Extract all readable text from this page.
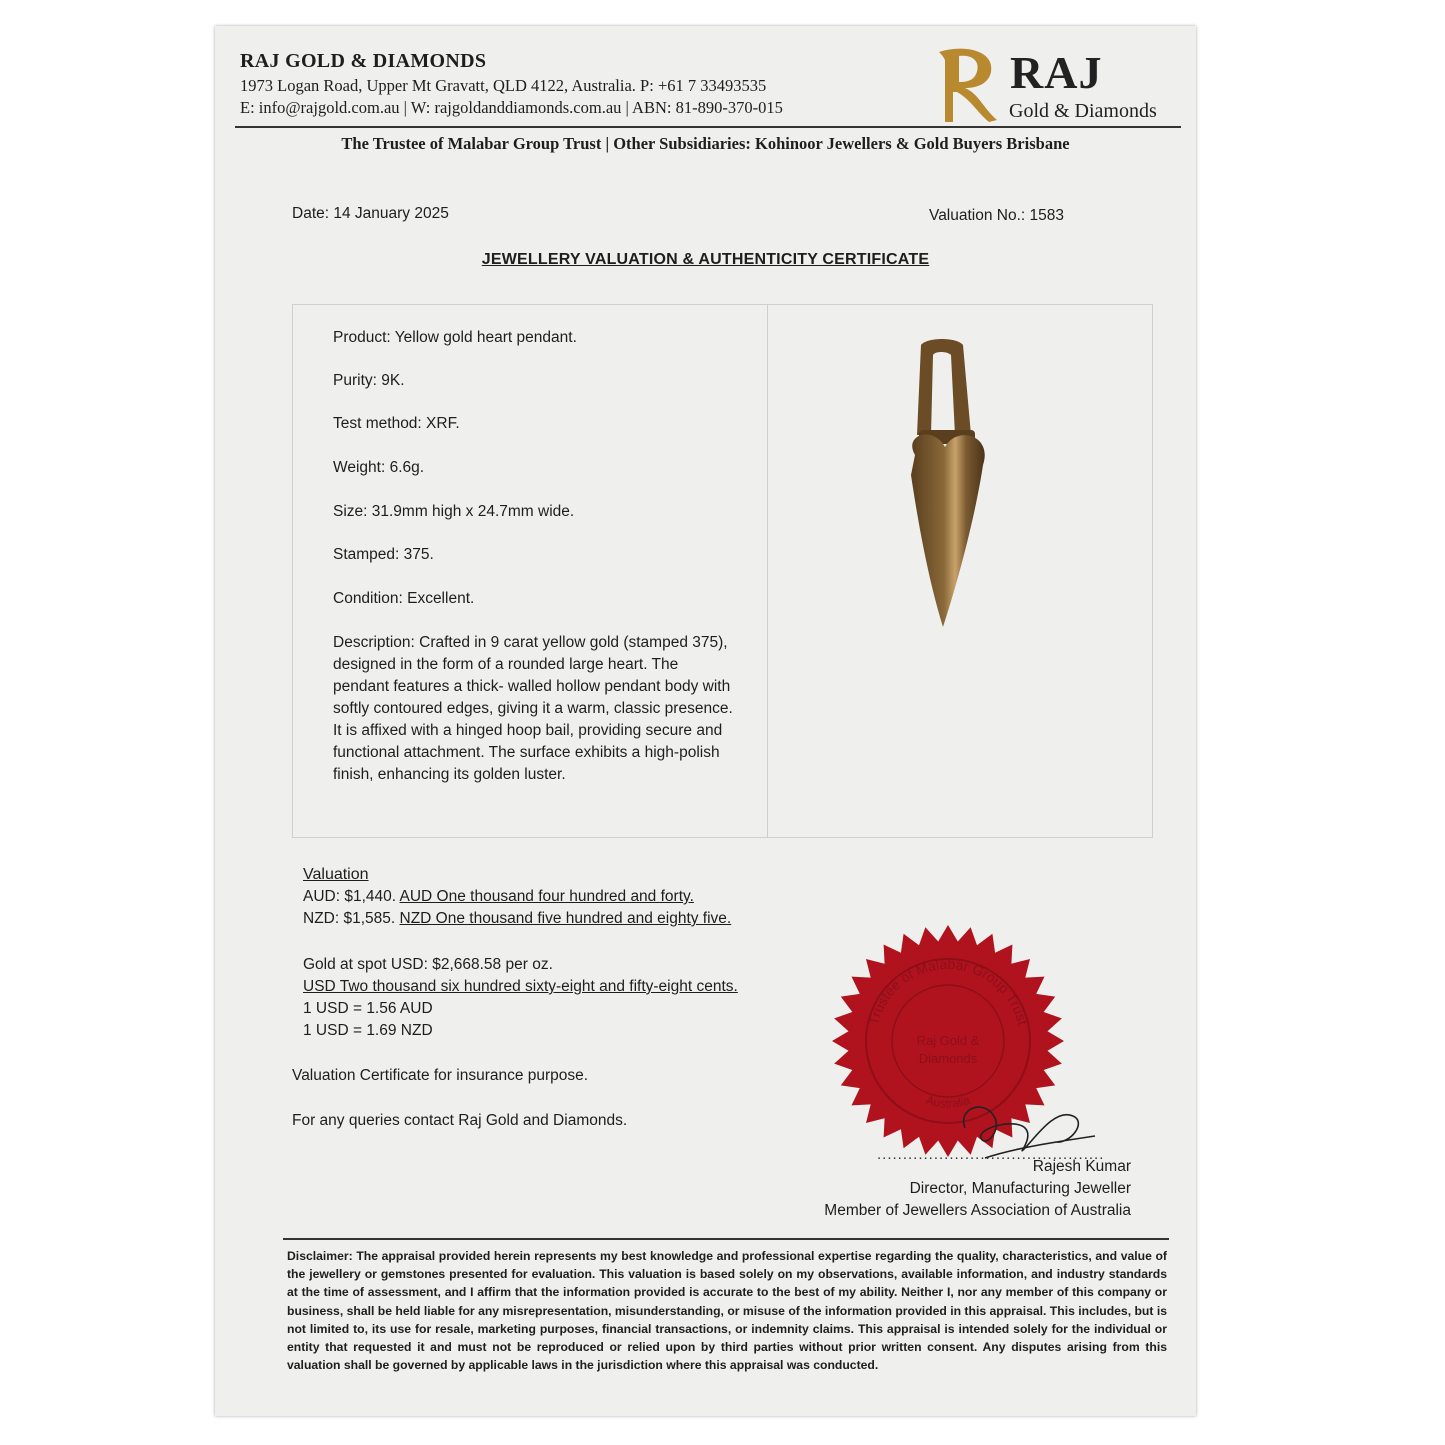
RAJ GOLD & DIAMONDS
1973 Logan Road, Upper Mt Gravatt, QLD 4122, Australia. P: +61 7 33493535
E: info@rajgold.com.au | W: rajgoldanddiamonds.com.au | ABN: 81-890-370-015
RAJ
Gold & Diamonds
The Trustee of Malabar Group Trust | Other Subsidiaries: Kohinoor Jewellers & Gold Buyers Brisbane
Date: 14 January 2025	Valuation No.: 1583
JEWELLERY VALUATION & AUTHENTICITY CERTIFICATE
Product: Yellow gold heart pendant.
Purity: 9K.
Test method: XRF.
Weight: 6.6g.
Size: 31.9mm high x 24.7mm wide.
Stamped: 375.
Condition: Excellent.
Description: Crafted in 9 carat yellow gold (stamped 375), designed in the form of a rounded large heart. The pendant features a thick- walled hollow pendant body with softly contoured edges, giving it a warm, classic presence. It is affixed with a hinged hoop bail, providing secure and functional attachment. The surface exhibits a high-polish finish, enhancing its golden luster.
Valuation
AUD: $1,440. AUD One thousand four hundred and forty.
NZD: $1,585. NZD One thousand five hundred and eighty five.
Gold at spot USD: $2,668.58 per oz.
USD Two thousand six hundred sixty-eight and fifty-eight cents.
1 USD = 1.56 AUD
1 USD = 1.69 NZD
Valuation Certificate for insurance purpose.
For any queries contact Raj Gold and Diamonds.
Trustee of Malabar Group Trust
Raj Gold &
Diamonds
Australia
............................................
Rajesh Kumar
Director, Manufacturing Jeweller
Member of Jewellers Association of Australia
Disclaimer: The appraisal provided herein represents my best knowledge and professional expertise regarding the quality, characteristics, and value of the jewellery or gemstones presented for evaluation. This valuation is based solely on my observations, available information, and industry standards at the time of assessment, and I affirm that the information provided is accurate to the best of my ability. Neither I, nor any member of this company or business, shall be held liable for any misrepresentation, misunderstanding, or misuse of the information provided in this appraisal. This includes, but is not limited to, its use for resale, marketing purposes, financial transactions, or indemnity claims. This appraisal is intended solely for the individual or entity that requested it and must not be reproduced or relied upon by third parties without prior written consent. Any disputes arising from this valuation shall be governed by applicable laws in the jurisdiction where this appraisal was conducted.
